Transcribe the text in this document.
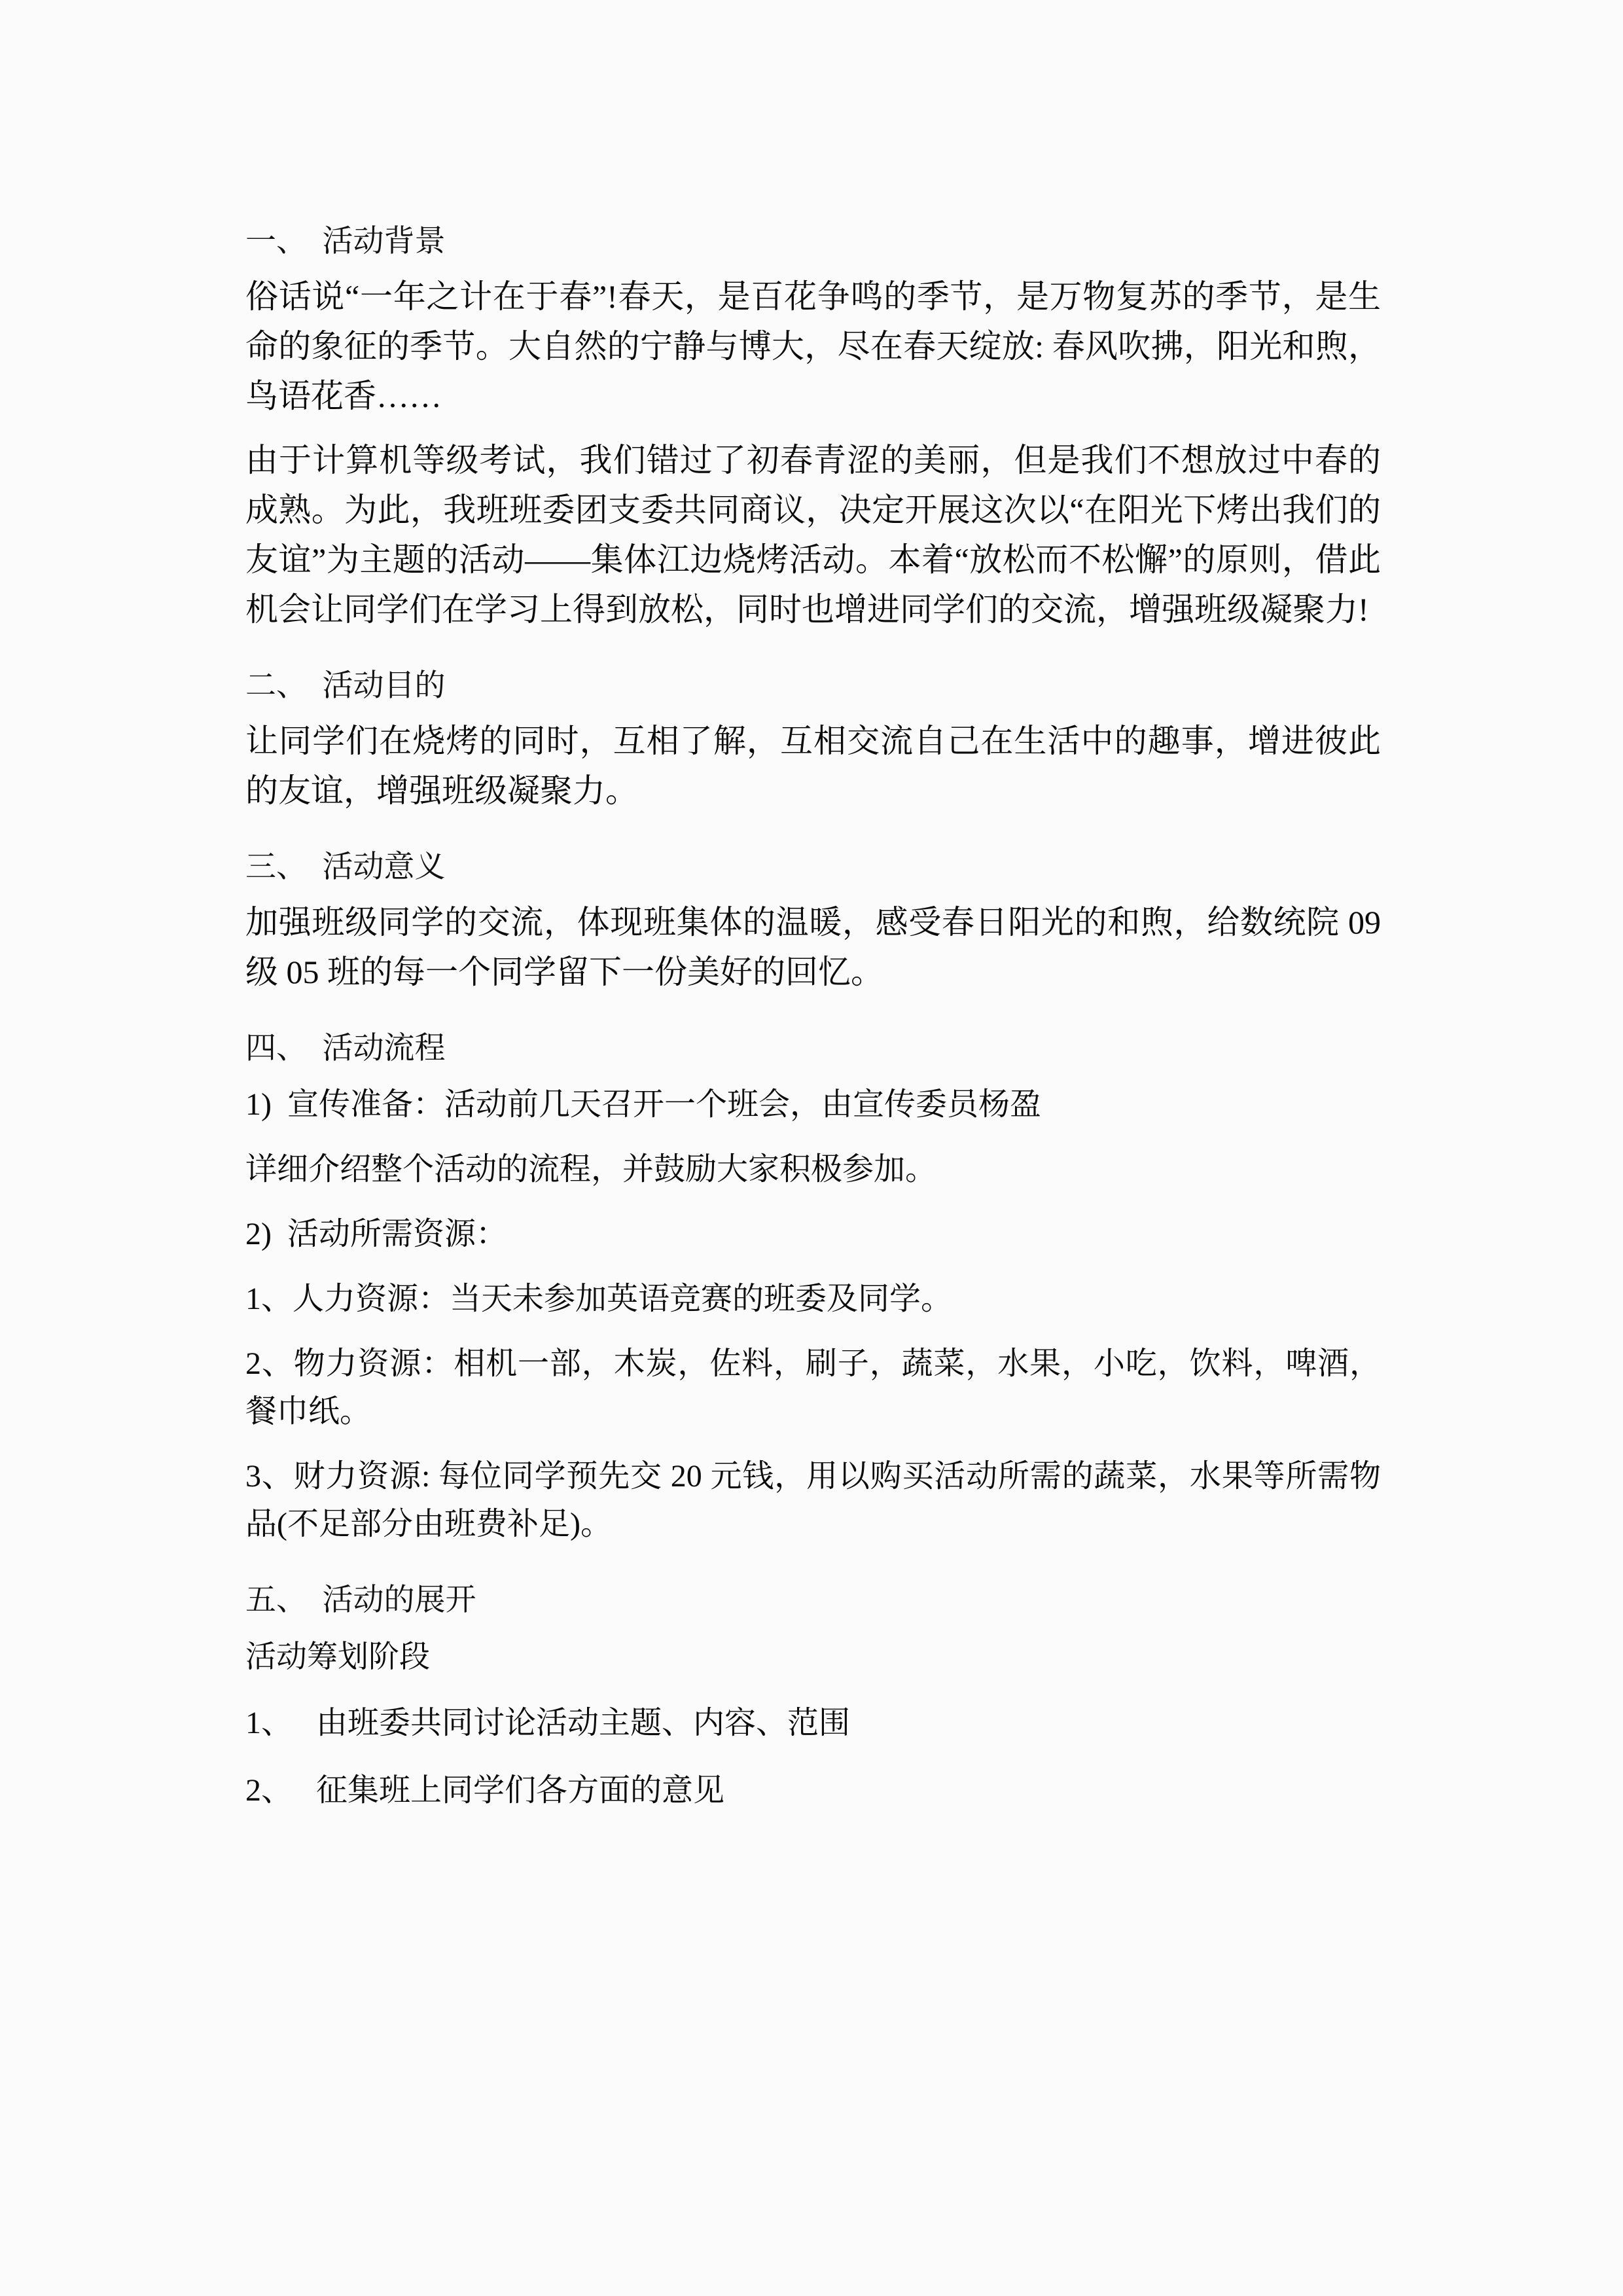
一、  活动背景

俗话说“一年之计在于春”!春天，是百花争鸣的季节，是万物复苏的季节，是生命的象征的季节。大自然的宁静与博大，尽在春天绽放: 春风吹拂，阳光和煦，鸟语花香……

由于计算机等级考试，我们错过了初春青涩的美丽，但是我们不想放过中春的成熟。为此，我班班委团支委共同商议，决定开展这次以“在阳光下烤出我们的友谊”为主题的活动——集体江边烧烤活动。本着“放松而不松懈”的原则，借此机会让同学们在学习上得到放松，同时也增进同学们的交流，增强班级凝聚力!

二、  活动目的

让同学们在烧烤的同时，互相了解，互相交流自己在生活中的趣事，增进彼此的友谊，增强班级凝聚力。

三、  活动意义

加强班级同学的交流，体现班集体的温暖，感受春日阳光的和煦，给数统院 09 级 05 班的每一个同学留下一份美好的回忆。

四、  活动流程

1)  宣传准备：活动前几天召开一个班会，由宣传委员杨盈

详细介绍整个活动的流程，并鼓励大家积极参加。

2)  活动所需资源：

1、人力资源：当天未参加英语竞赛的班委及同学。

2、物力资源：相机一部，木炭，佐料，刷子，蔬菜，水果，小吃，饮料，啤酒，餐巾纸。

3、财力资源: 每位同学预先交 20 元钱，用以购买活动所需的蔬菜，水果等所需物品(不足部分由班费补足)。

五、  活动的展开

活动筹划阶段

1、   由班委共同讨论活动主题、内容、范围

2、   征集班上同学们各方面的意见
